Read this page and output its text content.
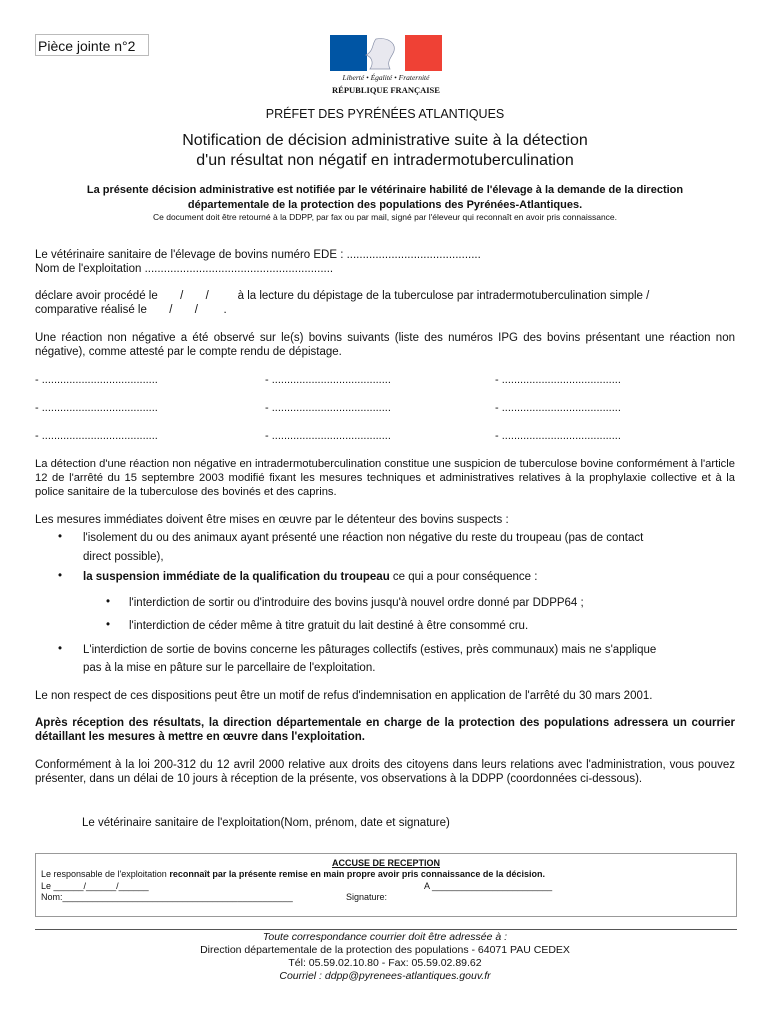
Pièce jointe n°2
Liberté • Égalité • Fraternité
RÉPUBLIQUE FRANÇAISE
PRÉFET DES PYRÉNÉES ATLANTIQUES
Notification de décision administrative suite à la détection
d'un résultat non négatif en intradermotuberculination
La présente décision administrative est notifiée par le vétérinaire habilité de l'élevage à la demande de la direction départementale de la protection des populations des Pyrénées-Atlantiques.
Ce document doit être retourné à la DDPP, par fax ou par mail, signé par l'éleveur qui reconnaît en avoir pris connaissance.
Le vétérinaire sanitaire de l'élevage de bovins numéro EDE : ..........................................
Nom de l'exploitation ...........................................................
déclare avoir procédé le       /       /         à la lecture du dépistage de la tuberculose par intradermotuberculination simple /
comparative réalisé le       /       /        .
Une réaction non négative a été observé sur le(s) bovins suivants (liste des numéros IPG des bovins présentant une réaction non négative), comme attesté par le compte rendu de dépistage.
- ......................................	- .......................................	- .......................................
- ......................................	- .......................................	- .......................................
- ......................................	- .......................................	- .......................................
La détection d'une réaction non négative en intradermotuberculination constitue une suspicion de tuberculose bovine conformément à l'article 12 de l'arrêté du 15 septembre 2003 modifié fixant les mesures techniques et administratives relatives à la prophylaxie collective et à la police sanitaire de la tuberculose des bovinés et des caprins.
Les mesures immédiates doivent être mises en œuvre par le détenteur des bovins suspects :
• l'isolement du ou des animaux ayant présenté une réaction non négative du reste du troupeau (pas de contact
direct possible),
• la suspension immédiate de la qualification du troupeau ce qui a pour conséquence :
• l'interdiction de sortir ou d'introduire des bovins jusqu'à nouvel ordre donné par DDPP64 ;
• l'interdiction de céder même à titre gratuit du lait destiné à être consommé cru.
• L'interdiction de sortie de bovins concerne les pâturages collectifs (estives, près communaux) mais ne s'applique
pas à la mise en pâture sur le parcellaire de l'exploitation.
Le non respect de ces dispositions peut être un motif de refus d'indemnisation en application de l'arrêté du 30 mars 2001.
Après réception des résultats, la direction départementale en charge de la protection des populations adressera un courrier détaillant les mesures à mettre en œuvre dans l'exploitation.
Conformément à la loi 200-312 du 12 avril 2000 relative aux droits des citoyens dans leurs relations avec l'administration, vous pouvez présenter, dans un délai de 10 jours à réception de la présente, vos observations à la DDPP (coordonnées ci-dessous).
Le vétérinaire sanitaire de l'exploitation(Nom, prénom, date et signature)
ACCUSE DE RECEPTION
Le responsable de l'exploitation reconnaît par la présente remise en main propre avoir pris connaissance de la décision.
Le ______/______/______	A ________________________
Nom:______________________________________________	Signature:
Toute correspondance courrier doit être adressée à :
Direction départementale de la protection des populations - 64071 PAU CEDEX
Tél: 05.59.02.10.80 - Fax: 05.59.02.89.62
Courriel : ddpp@pyrenees-atlantiques.gouv.fr
